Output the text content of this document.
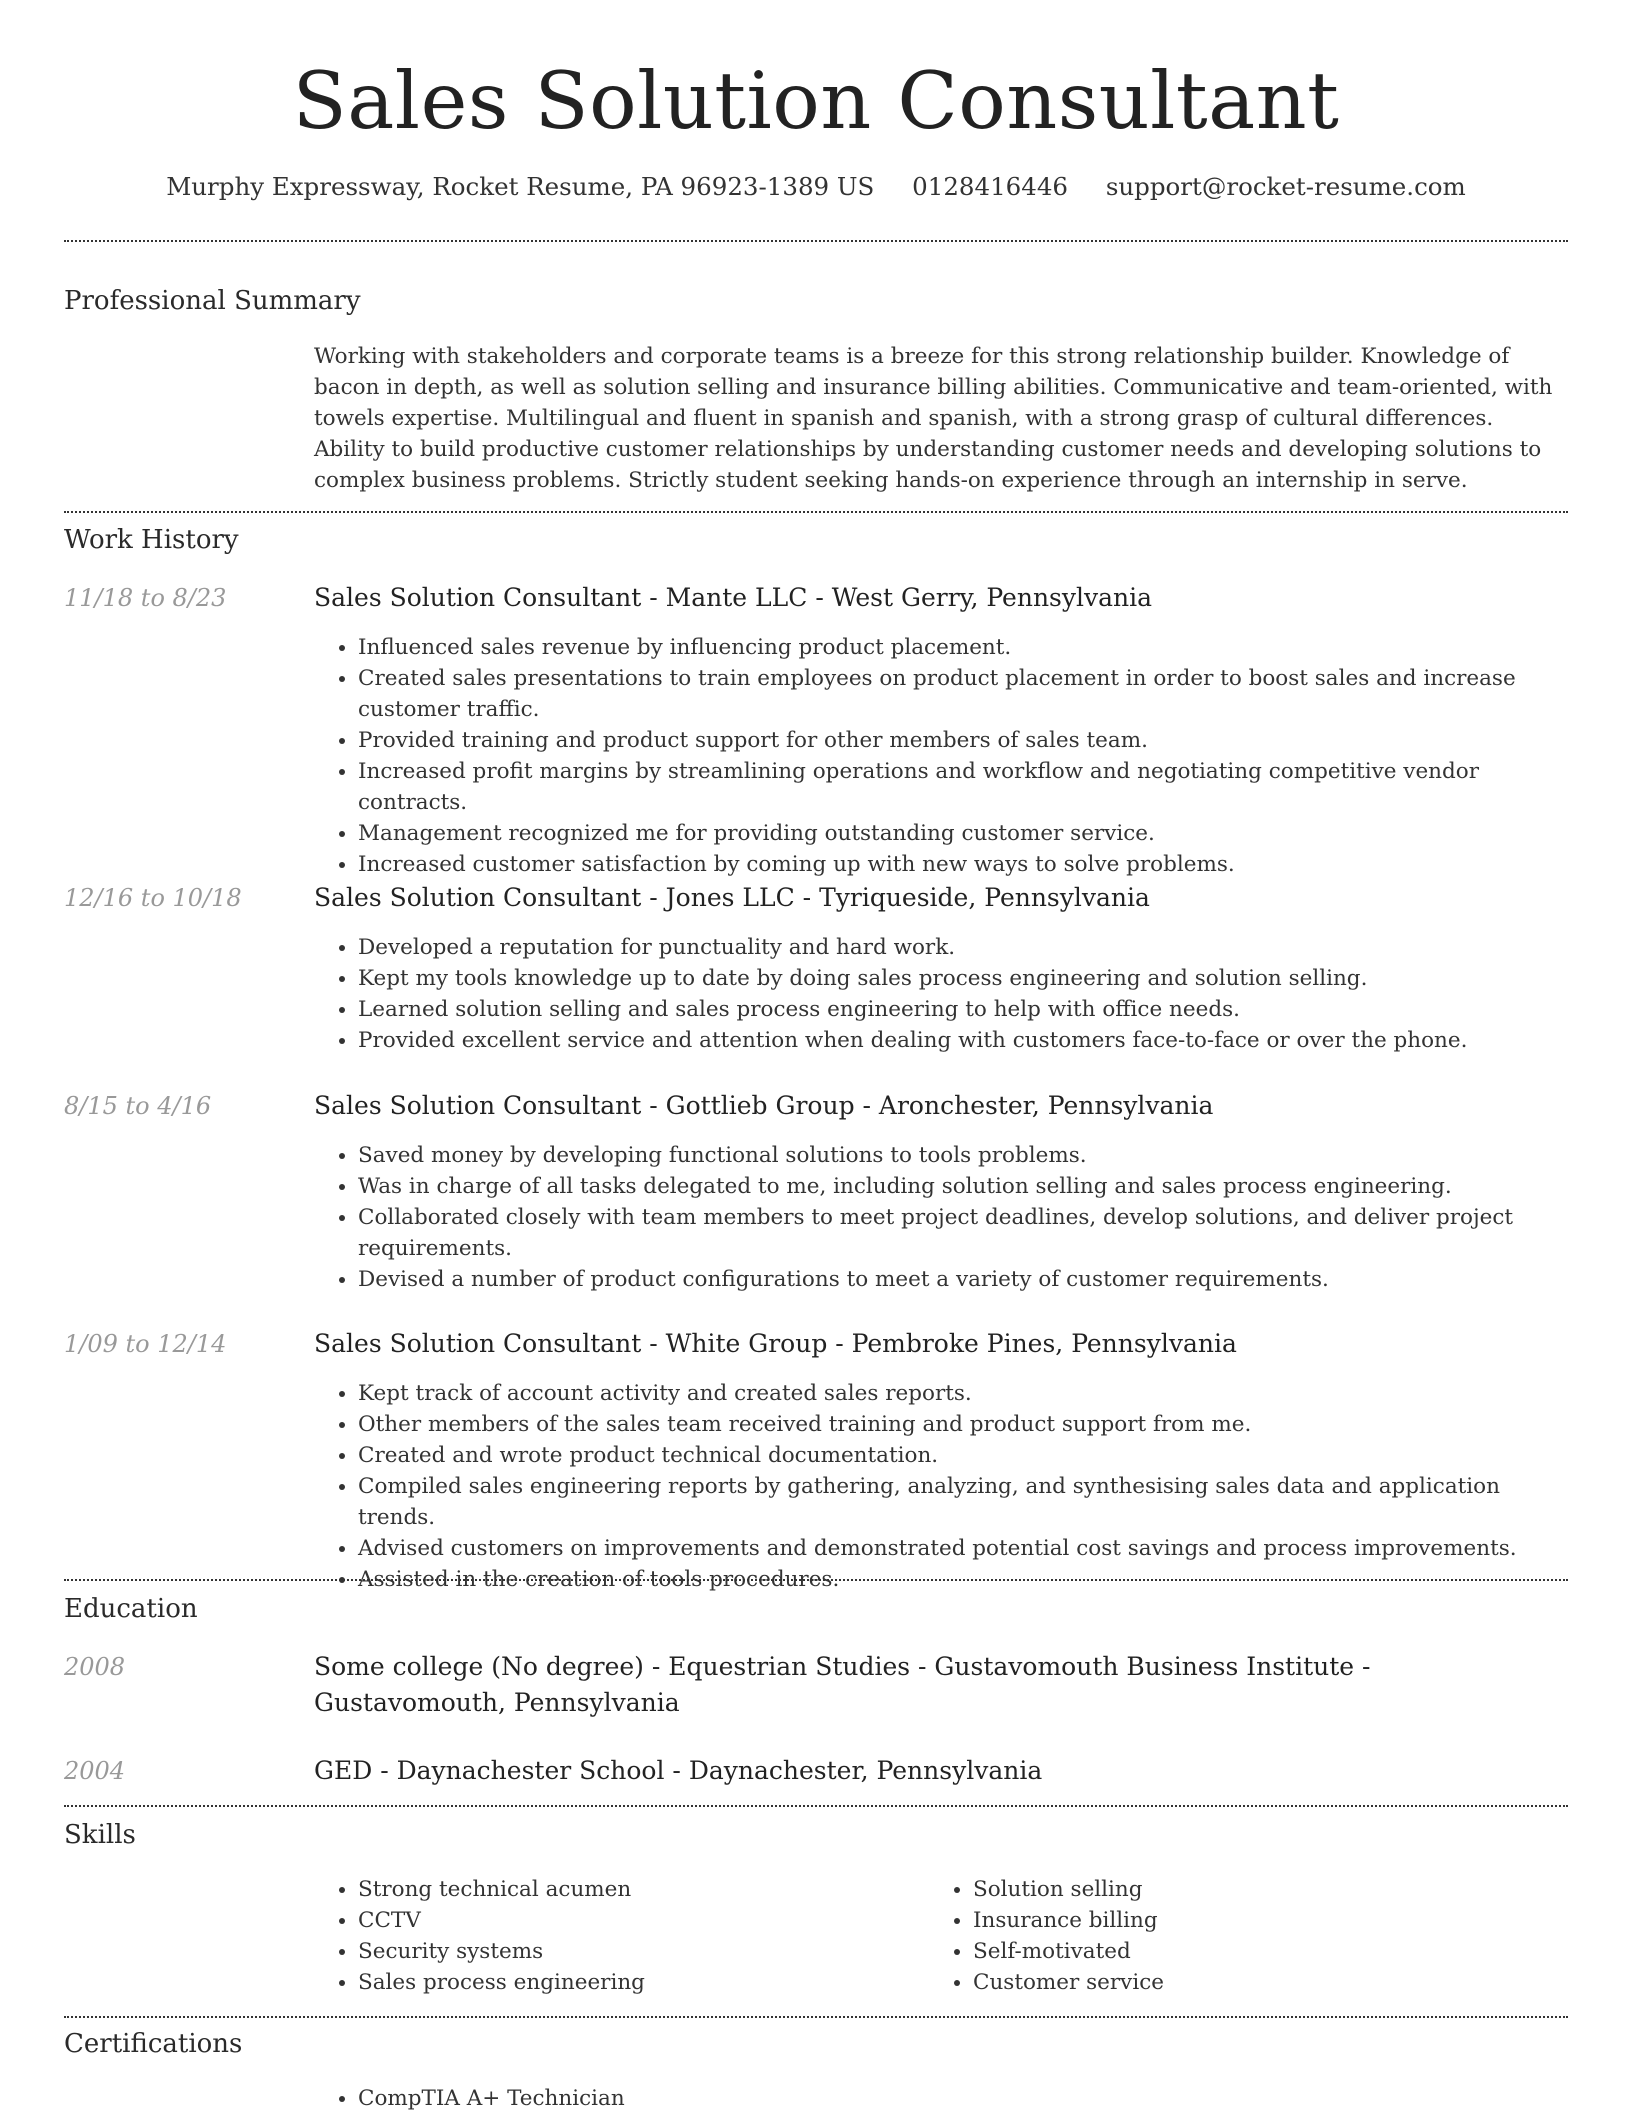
Sales Solution Consultant
Murphy Expressway, Rocket Resume, PA 96923-1389 US 0128416446 support@rocket-resume.com
Professional Summary

Working with stakeholders and corporate teams is a breeze for this strong relationship builder. Knowledge of bacon in depth, as well as solution selling and insurance billing abilities. Communicative and team-oriented, with towels expertise. Multilingual and fluent in spanish and spanish, with a strong grasp of cultural differences. Ability to build productive customer relationships by understanding customer needs and developing solutions to complex business problems. Strictly student seeking hands-on experience through an internship in serve.

Work History
11/18 to 8/23	Sales Solution Consultant - Mante LLC - West Gerry, Pennsylvania
• Influenced sales revenue by influencing product placement.
• Created sales presentations to train employees on product placement in order to boost sales and increase customer traffic.
• Provided training and product support for other members of sales team.
• Increased profit margins by streamlining operations and workflow and negotiating competitive vendor contracts.
• Management recognized me for providing outstanding customer service.
• Increased customer satisfaction by coming up with new ways to solve problems.
12/16 to 10/18	Sales Solution Consultant - Jones LLC - Tyriqueside, Pennsylvania
• Developed a reputation for punctuality and hard work.
• Kept my tools knowledge up to date by doing sales process engineering and solution selling.
• Learned solution selling and sales process engineering to help with office needs.
• Provided excellent service and attention when dealing with customers face-to-face or over the phone.
8/15 to 4/16	Sales Solution Consultant - Gottlieb Group - Aronchester, Pennsylvania
• Saved money by developing functional solutions to tools problems.
• Was in charge of all tasks delegated to me, including solution selling and sales process engineering.
• Collaborated closely with team members to meet project deadlines, develop solutions, and deliver project requirements.
• Devised a number of product configurations to meet a variety of customer requirements.
1/09 to 12/14	Sales Solution Consultant - White Group - Pembroke Pines, Pennsylvania
• Kept track of account activity and created sales reports.
• Other members of the sales team received training and product support from me.
• Created and wrote product technical documentation.
• Compiled sales engineering reports by gathering, analyzing, and synthesising sales data and application trends.
• Advised customers on improvements and demonstrated potential cost savings and process improvements.
• Assisted in the creation of tools procedures.
Education
2008	Some college (No degree) - Equestrian Studies - Gustavomouth Business Institute - Gustavomouth, Pennsylvania
2004	GED - Daynachester School - Daynachester, Pennsylvania
Skills
• Strong technical acumen
• CCTV
• Security systems
• Sales process engineering
• Solution selling
• Insurance billing
• Self-motivated
• Customer service
Certifications
• CompTIA A+ Technician
